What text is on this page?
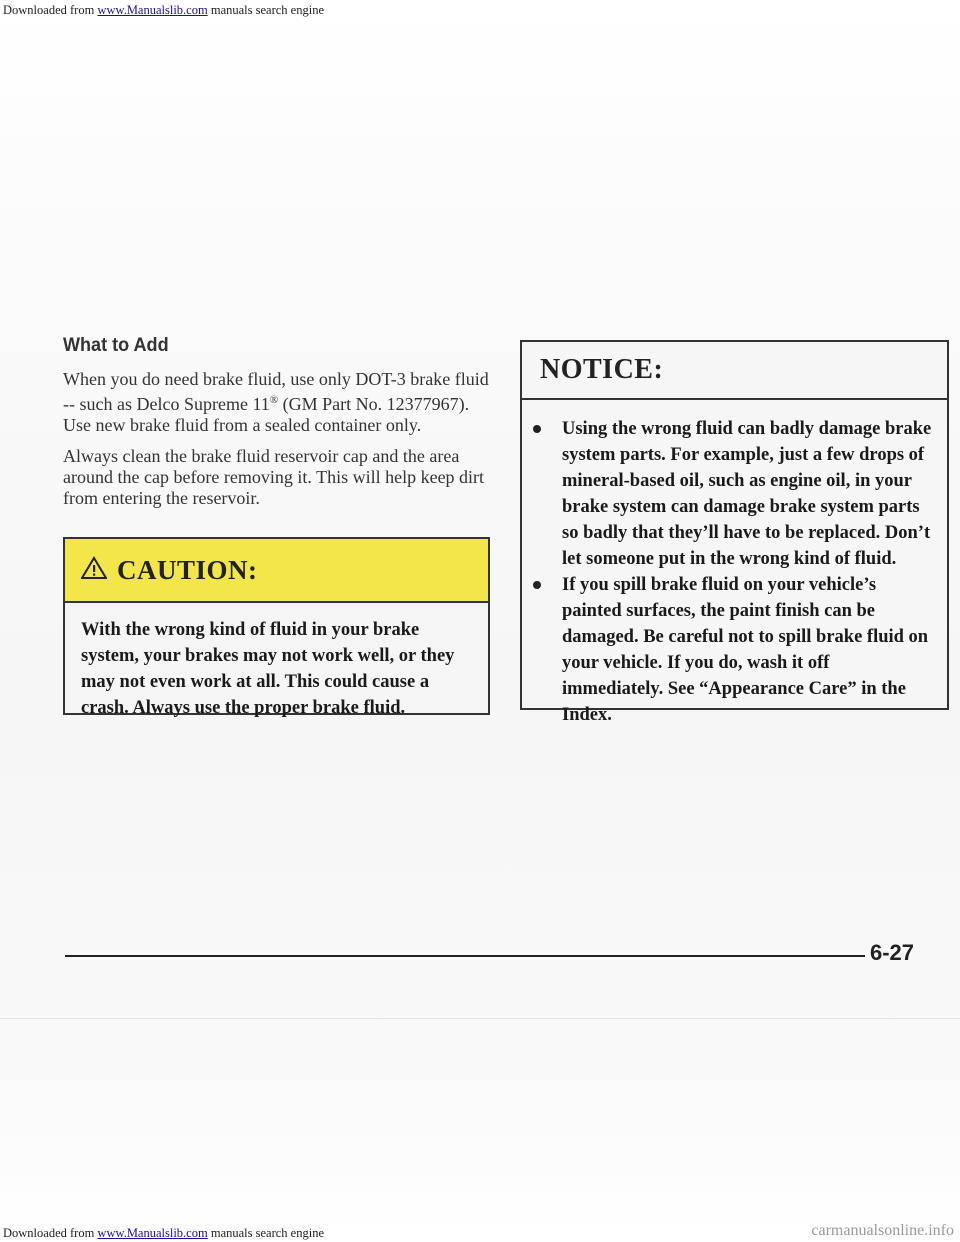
Downloaded from www.Manualslib.com manuals search engine
What to Add

When you do need brake fluid, use only DOT-3 brake fluid -- such as Delco Supreme 11® (GM Part No. 12377967). Use new brake fluid from a sealed container only.

Always clean the brake fluid reservoir cap and the area around the cap before removing it. This will help keep dirt from entering the reservoir.

CAUTION:
With the wrong kind of fluid in your brake system, your brakes may not work well, or they may not even work at all. This could cause a crash. Always use the proper brake fluid.
NOTICE:
Using the wrong fluid can badly damage brake system parts. For example, just a few drops of mineral-based oil, such as engine oil, in your brake system can damage brake system parts so badly that they’ll have to be replaced. Don’t let someone put in the wrong kind of fluid.
If you spill brake fluid on your vehicle’s painted surfaces, the paint finish can be damaged. Be careful not to spill brake fluid on your vehicle. If you do, wash it off immediately. See “Appearance Care” in the Index.
6-27
Downloaded from www.Manualslib.com manuals search engine	carmanualsonline.info
